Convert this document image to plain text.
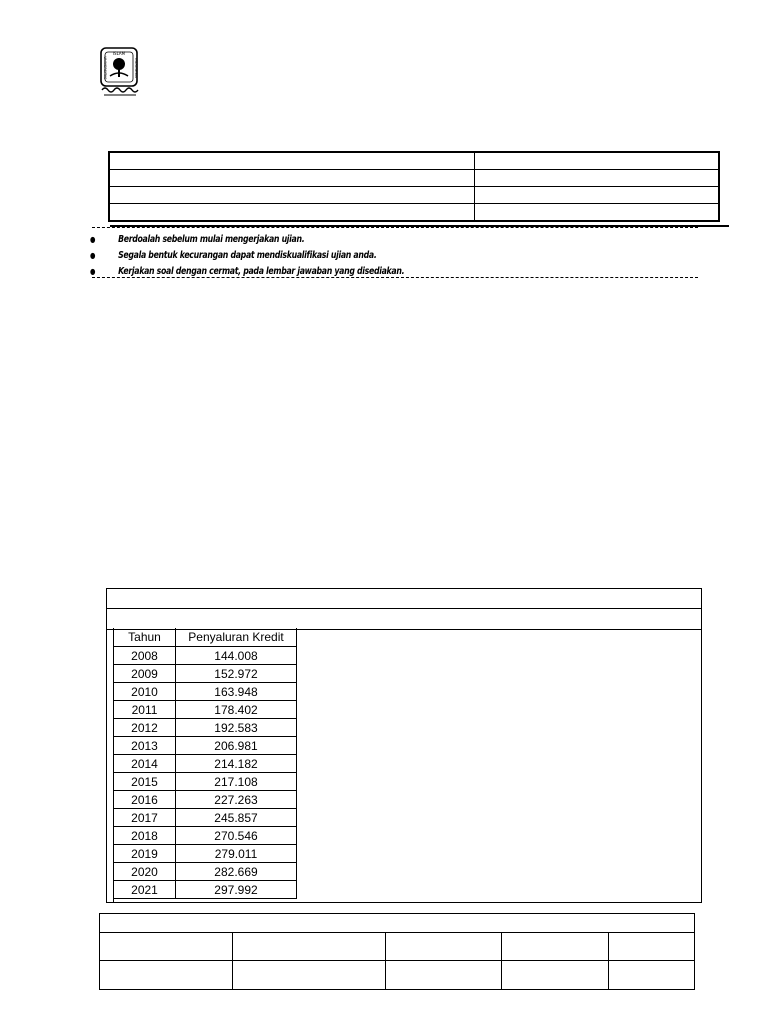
ISLAM
UNIVERSITAS	INDONESIA

● Berdoalah sebelum mulai mengerjakan ujian.
● Segala bentuk kecurangan dapat mendiskualifikasi ujian anda.
● Kerjakan soal dengan cermat, pada lembar jawaban yang disediakan.
Tahun	Penyaluran Kredit
2008	144.008
2009	152.972
2010	163.948
2011	178.402
2012	192.583
2013	206.981
2014	214.182
2015	217.108
2016	227.263
2017	245.857
2018	270.546
2019	279.011
2020	282.669
2021	297.992
